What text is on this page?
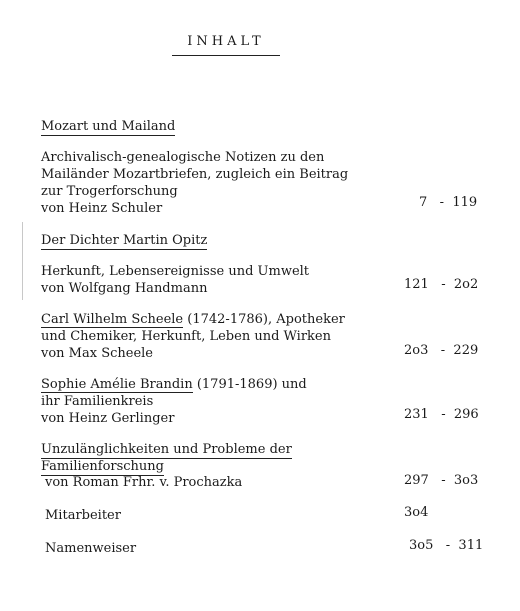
INHALT
Mozart und Mailand
Archivalisch-genealogische Notizen zu den
Mailänder Mozartbriefen, zugleich ein Beitrag
zur Trogerforschung
von Heinz Schuler	7   -  119
Der Dichter Martin Opitz
Herkunft, Lebensereignisse und Umwelt
von Wolfgang Handmann	121   -  2o2
Carl Wilhelm Scheele (1742-1786), Apotheker
und Chemiker, Herkunft, Leben und Wirken
von Max Scheele	2o3   -  229
Sophie Amélie Brandin (1791-1869) und
ihr Familienkreis
von Heinz Gerlinger	231   -  296
Unzulänglichkeiten und Probleme der
Familienforschung
von Roman Frhr. v. Prochazka	297   -  3o3
Mitarbeiter	3o4
Namenweiser	3o5   -  311
